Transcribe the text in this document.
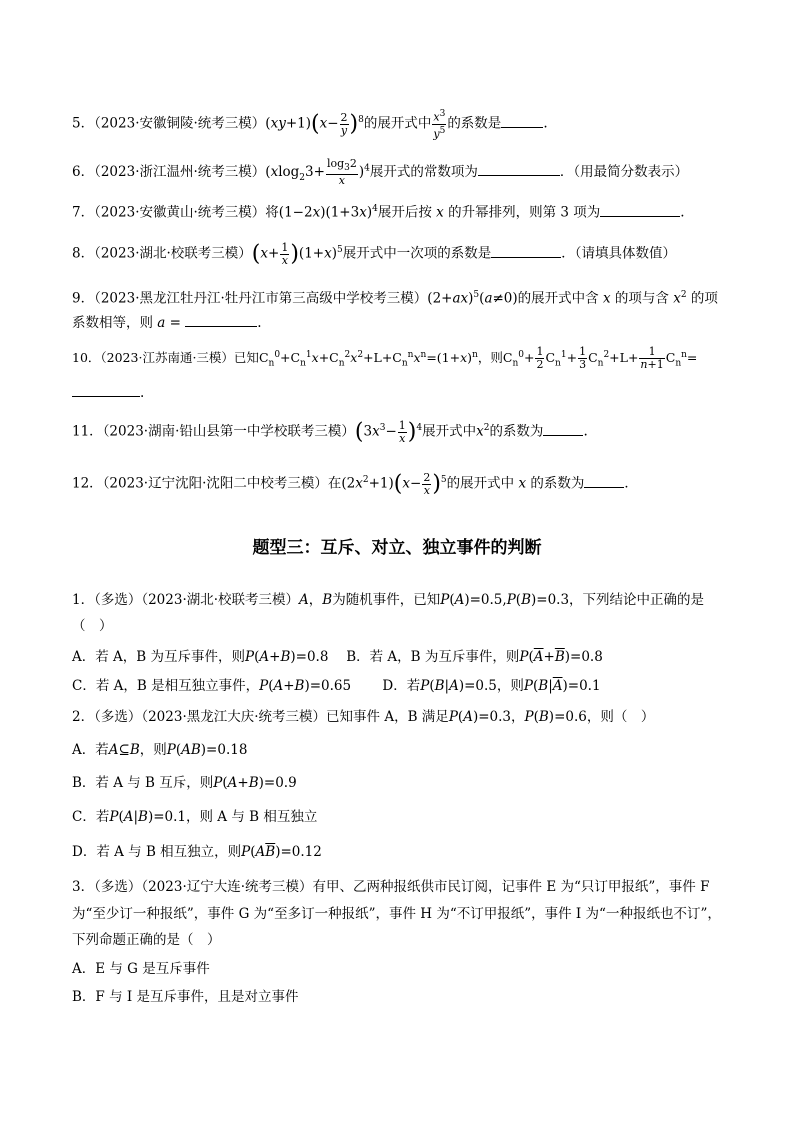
5．（2023·安徽铜陵·统考三模）$(xy+1)(x- \frac{2}{y} )^8$的展开式中 $\frac{x^3}{y^5}$ 的系数是	.
6．（2023·浙江温州·统考三模）$(xlog_23+ \frac{\log_32}{x} )^4$展开式的常数项为	．（用最简分数表示）
7．（2023·安徽黄山·统考三模）将$(1-2x)(1+3x)^4$展开后按 x 的升幂排列，则第 3 项为	.
8．（2023·湖北·校联考三模）$(x+ \frac{1}{x} )(1+x)^5$展开式中一次项的系数是	．（请填具体数值）
9．（2023·黑龙江牡丹江·牡丹江市第三高级中学校考三模）$(2+ax)^5(a\ne 0)$的展开式中含 x 的项与含 $x^2$ 的项
系数相等，则 a =	.
10．（2023·江苏南通·三模）已知$C_n^0+C_n^1x+C_n^2x^2+L+C_n^nx^n=(1+x)^n$，则$C_n^0+ \frac{1}{2} C_n^1+ \frac{1}{3} C_n^2+L+ \frac{1}{n+1} C_n^n=$
.
11．（2023·湖南·铅山县第一中学校联考三模）$(3x^3- \frac{1}{x} )^4$展开式中$x^2$的系数为	.
12．（2023·辽宁沈阳·沈阳二中校考三模）在$(2x^2+1)(x- \frac{2}{x} )^5$的展开式中 x 的系数为	．
题型三：互斥、对立、独立事件的判断
1．（多选）（2023·湖北·校联考三模）A，B为随机事件，已知P(A)=0.5,P(B)=0.3，下列结论中正确的是
（　）
A．若 A，B 为互斥事件，则P(A+B)=0.8　 B．若 A，B 为互斥事件，则$P(\overline{A}+\overline{B})=0.8$
C．若 A，B 是相互独立事件，P(A+B)=0.65　　 D．若P(B|A)=0.5，则$P(B|\overline{A})=0.1$
2．（多选）（2023·黑龙江大庆·统考三模）已知事件 A，B 满足P(A)=0.3，P(B)=0.6，则（　）
A．若A⊆B，则P(AB)=0.18
B．若 A 与 B 互斥，则P(A+B)=0.9
C．若P(A|B)=0.1，则 A 与 B 相互独立
D．若 A 与 B 相互独立，则$P(A\overline{B})=0.12$
3．（多选）（2023·辽宁大连·统考三模）有甲、乙两种报纸供市民订阅，记事件 E 为“只订甲报纸”，事件 F
为“至少订一种报纸”，事件 G 为“至多订一种报纸”，事件 H 为“不订甲报纸”，事件 I 为“一种报纸也不订”，
下列命题正确的是（　）
A．E 与 G 是互斥事件
B．F 与 I 是互斥事件，且是对立事件
